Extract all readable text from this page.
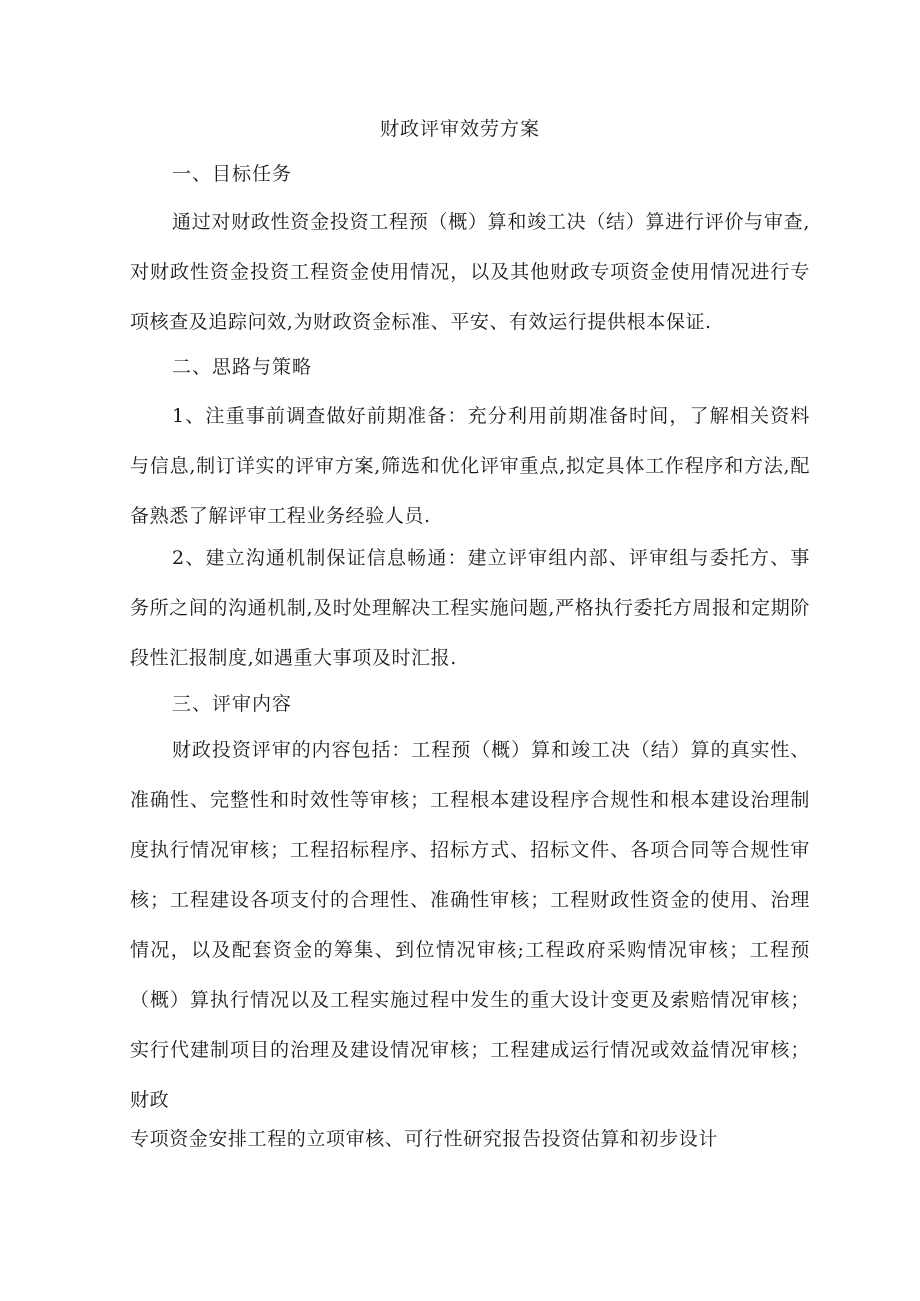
财政评审效劳方案
一、目标任务
通过对财政性资金投资工程预（概）算和竣工决（结）算进行评价与审查,对财政性资金投资工程资金使用情况，以及其他财政专项资金使用情况进行专项核查及追踪问效,为财政资金标准、平安、有效运行提供根本保证.
二、思路与策略
1、注重事前调查做好前期准备：充分利用前期准备时间，了解相关资料与信息,制订详实的评审方案,筛选和优化评审重点,拟定具体工作程序和方法,配备熟悉了解评审工程业务经验人员.
2、建立沟通机制保证信息畅通：建立评审组内部、评审组与委托方、事务所之间的沟通机制,及时处理解决工程实施问题,严格执行委托方周报和定期阶段性汇报制度,如遇重大事项及时汇报.
三、评审内容
财政投资评审的内容包括：工程预（概）算和竣工决（结）算的真实性、准确性、完整性和时效性等审核；工程根本建设程序合规性和根本建设治理制度执行情况审核；工程招标程序、招标方式、招标文件、各项合同等合规性审核；工程建设各项支付的合理性、准确性审核；工程财政性资金的使用、治理情况，以及配套资金的筹集、到位情况审核;工程政府采购情况审核；工程预（概）算执行情况以及工程实施过程中发生的重大设计变更及索赔情况审核；实行代建制项目的治理及建设情况审核；工程建成运行情况或效益情况审核；财政
专项资金安排工程的立项审核、可行性研究报告投资估算和初步设计
